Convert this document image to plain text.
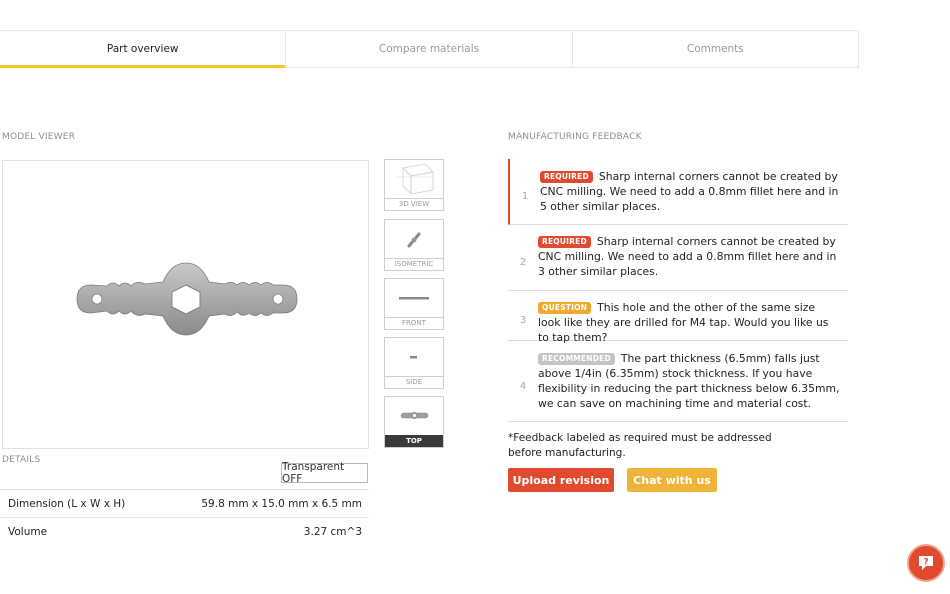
Part overview	Compare materials	Comments
MODEL VIEWER
3D VIEW
ISOMETRIC
FRONT
SIDE
TOP
DETAILS
Transparent OFF
Dimension (L x W x H)	59.8 mm x 15.0 mm x 6.5 mm
Volume	3.27 cm^3
MANUFACTURING FEEDBACK
1
REQUIRED Sharp internal corners cannot be created by CNC milling. We need to add a 0.8mm fillet here and in 5 other similar places.
2
REQUIRED Sharp internal corners cannot be created by CNC milling. We need to add a 0.8mm fillet here and in 3 other similar places.
3
QUESTION This hole and the other of the same size look like they are drilled for M4 tap. Would you like us to tap them?
4
RECOMMENDED The part thickness (6.5mm) falls just above 1/4in (6.35mm) stock thickness. If you have flexibility in reducing the part thickness below 6.35mm, we can save on machining time and material cost.
*Feedback labeled as required must be addressed before manufacturing.
Upload revision	Chat with us
?
